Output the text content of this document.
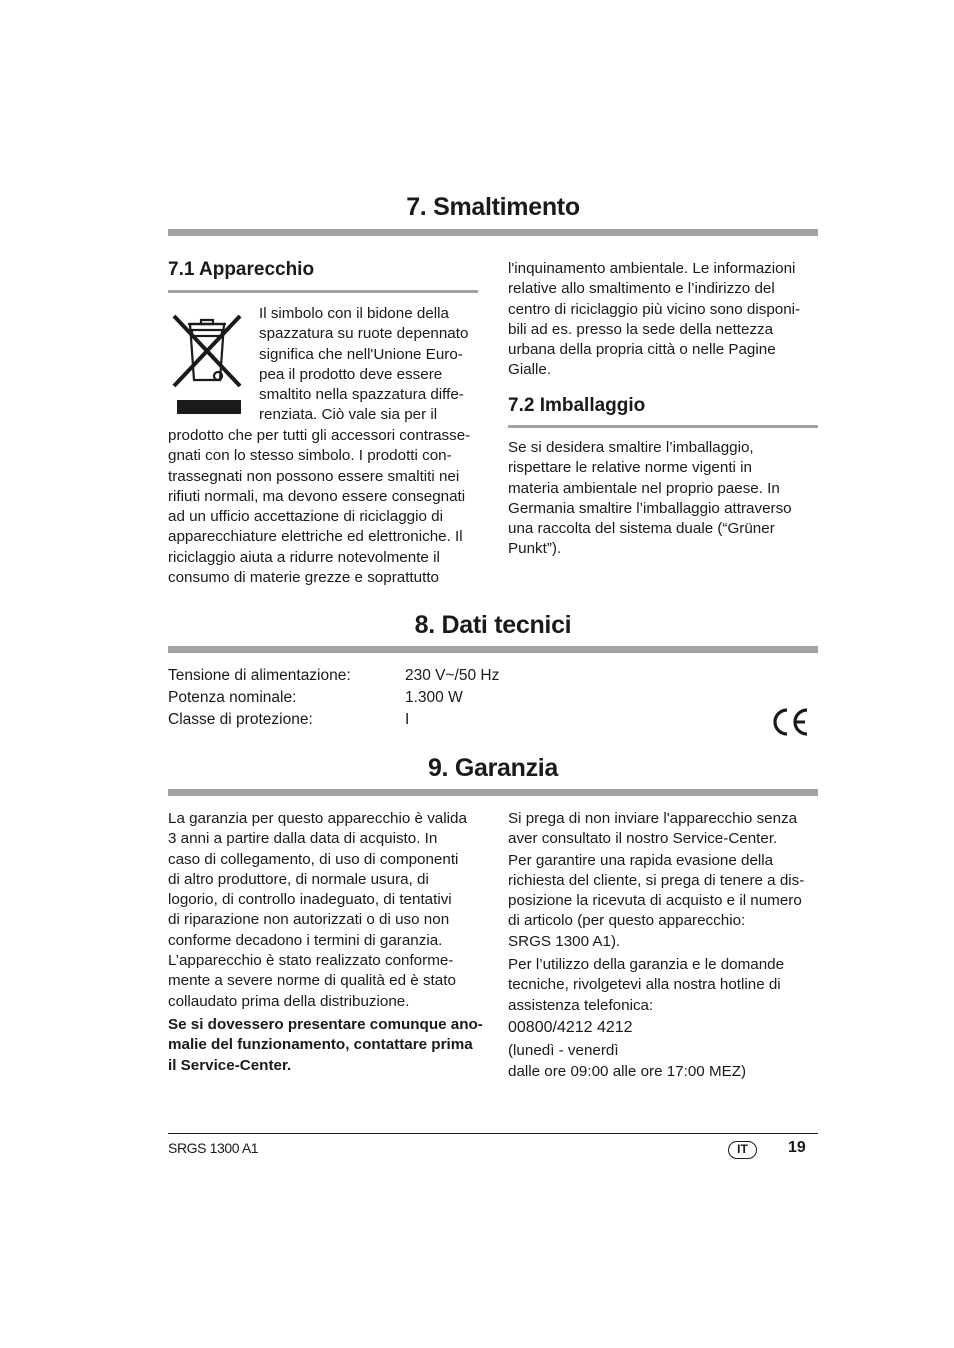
7. Smaltimento
7.1 Apparecchio
Il simbolo con il bidone della
spazzatura su ruote depennato
significa che nell'Unione Euro-
pea il prodotto deve essere
smaltito nella spazzatura diffe-
renziata. Ciò vale sia per il
prodotto che per tutti gli accessori contrasse-
gnati con lo stesso simbolo. I prodotti con-
trassegnati non possono essere smaltiti nei
rifiuti normali, ma devono essere consegnati
ad un ufficio accettazione di riciclaggio di
apparecchiature elettriche ed elettroniche. Il
riciclaggio aiuta a ridurre notevolmente il
consumo di materie grezze e soprattutto
l'inquinamento ambientale. Le informazioni
relative allo smaltimento e l’indirizzo del
centro di riciclaggio più vicino sono disponi-
bili ad es. presso la sede della nettezza
urbana della propria città o nelle Pagine
Gialle.
7.2 Imballaggio
Se si desidera smaltire l’imballaggio,
rispettare le relative norme vigenti in
materia ambientale nel proprio paese. In
Germania smaltire l’imballaggio attraverso
una raccolta del sistema duale (“Grüner
Punkt”).
8. Dati tecnici
Tensione di alimentazione:	230 V~/50 Hz
Potenza nominale:	1.300 W
Classe di protezione:	I
9. Garanzia
La garanzia per questo apparecchio è valida
3 anni a partire dalla data di acquisto. In
caso di collegamento, di uso di componenti
di altro produttore, di normale usura, di
logorio, di controllo inadeguato, di tentativi
di riparazione non autorizzati o di uso non
conforme decadono i termini di garanzia.
L’apparecchio è stato realizzato conforme-
mente a severe norme di qualità ed è stato
collaudato prima della distribuzione.
Se si dovessero presentare comunque ano-
malie del funzionamento, contattare prima
il Service-Center.
Si prega di non inviare l'apparecchio senza
aver consultato il nostro Service-Center.
Per garantire una rapida evasione della
richiesta del cliente, si prega di tenere a dis-
posizione la ricevuta di acquisto e il numero
di articolo (per questo apparecchio:
SRGS 1300 A1).
Per l’utilizzo della garanzia e le domande
tecniche, rivolgetevi alla nostra hotline di
assistenza telefonica:
00800/4212 4212
(lunedì - venerdì
dalle ore 09:00 alle ore 17:00 MEZ)
SRGS 1300 A1	IT	19
